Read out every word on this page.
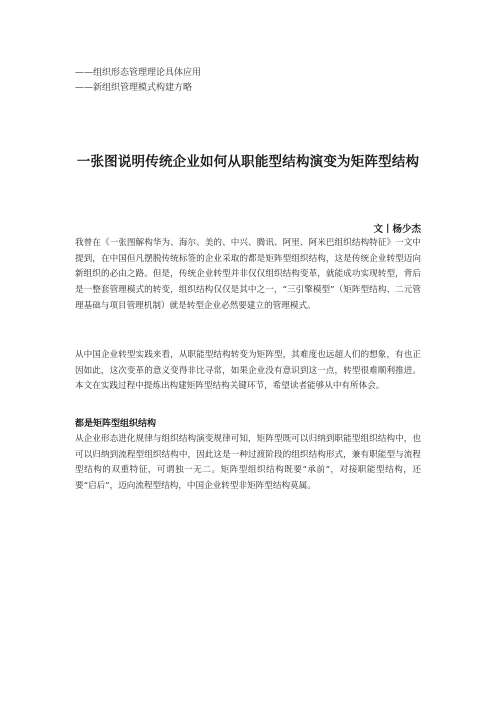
——组织形态管理理论具体应用
——新组织管理模式构建方略
一张图说明传统企业如何从职能型结构演变为矩阵型结构
文丨杨少杰

我曾在《一张图解构华为、海尔、美的、中兴、腾讯、阿里、阿米巴组织结构特征》一文中提到，在中国但凡摆脱传统标签的企业采取的都是矩阵型组织结构，这是传统企业转型迈向新组织的必由之路。但是，传统企业转型并非仅仅组织结构变革，就能成功实现转型，背后是一整套管理模式的转变，组织结构仅仅是其中之一，“三引擎模型”（矩阵型结构、二元管理基础与项目管理机制）就是转型企业必然要建立的管理模式。

从中国企业转型实践来看，从职能型结构转变为矩阵型，其难度也远超人们的想象，有也正因如此，这次变革的意义变得非比寻常，如果企业没有意识到这一点，转型很难顺利推进。本文在实践过程中提炼出构建矩阵型结构关键环节，希望读者能够从中有所体会。

都是矩阵型组织结构

从企业形态进化规律与组织结构演变规律可知，矩阵型既可以归纳到职能型组织结构中，也可以归纳到流程型组织结构中，因此这是一种过渡阶段的组织结构形式，兼有职能型与流程型结构的双重特征，可谓独一无二。矩阵型组织结构既要“承前”，对接职能型结构，还要“启后”，迈向流程型结构，中国企业转型非矩阵型结构莫属。
